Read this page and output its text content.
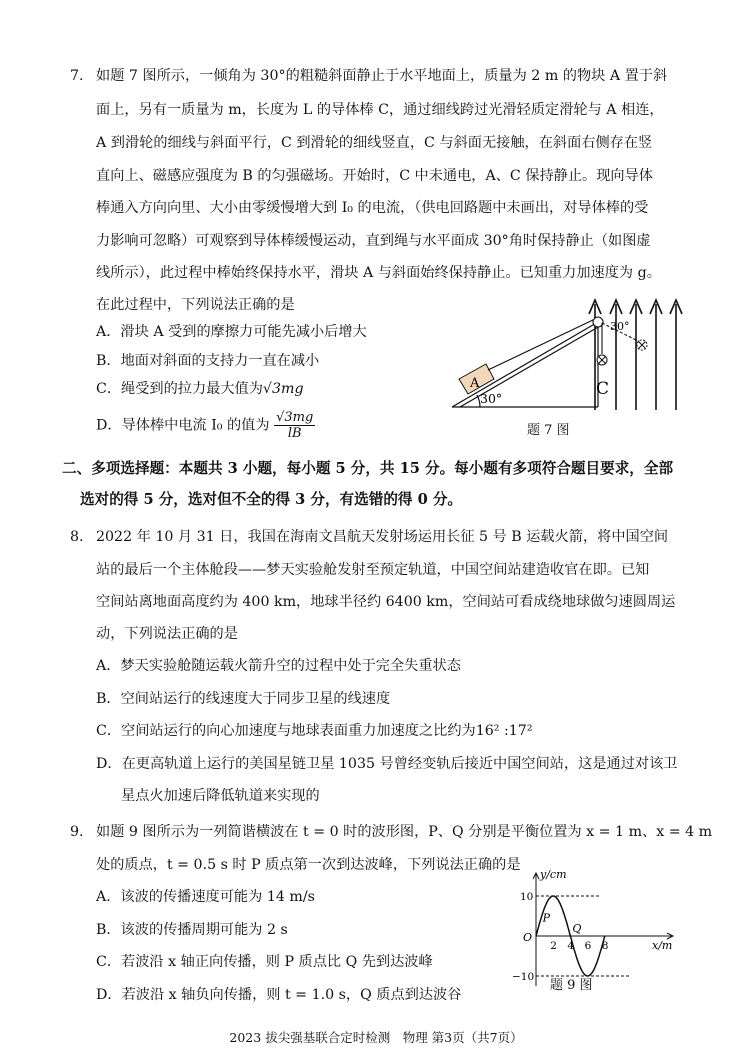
7. 如题 7 图所示，一倾角为 30°的粗糙斜面静止于水平地面上，质量为 2 m 的物块 A 置于斜
面上，另有一质量为 m，长度为 L 的导体棒 C，通过细线跨过光滑轻质定滑轮与 A 相连，
A 到滑轮的细线与斜面平行，C 到滑轮的细线竖直，C 与斜面无接触，在斜面右侧存在竖
直向上、磁感应强度为 B 的匀强磁场。开始时，C 中未通电，A、C 保持静止。现向导体
棒通入方向向里、大小由零缓慢增大到 I₀ 的电流，（供电回路题中未画出，对导体棒的受
力影响可忽略）可观察到导体棒缓慢运动，直到绳与水平面成 30°角时保持静止（如图虚
线所示），此过程中棒始终保持水平，滑块 A 与斜面始终保持静止。已知重力加速度为 g。
在此过程中，下列说法正确的是
A．滑块 A 受到的摩擦力可能先减小后增大
B．地面对斜面的支持力一直在减小
C．绳受到的拉力最大值为√3mg
D．导体棒中电流 I₀ 的值为 $\frac{√3mg}{lB}$
A	C
30°
30°
题 7 图
二、多项选择题：本题共 3 小题，每小题 5 分，共 15 分。每小题有多项符合题目要求，全部
选对的得 5 分，选对但不全的得 3 分，有选错的得 0 分。
8. 2022 年 10 月 31 日，我国在海南文昌航天发射场运用长征 5 号 B 运载火箭，将中国空间
站的最后一个主体舱段——梦天实验舱发射至预定轨道，中国空间站建造收官在即。已知
空间站离地面高度约为 400 km，地球半径约 6400 km，空间站可看成绕地球做匀速圆周运
动，下列说法正确的是
A．梦天实验舱随运载火箭升空的过程中处于完全失重状态
B．空间站运行的线速度大于同步卫星的线速度
C．空间站运行的向心加速度与地球表面重力加速度之比约为16² :17²
D．在更高轨道上运行的美国星链卫星 1035 号曾经变轨后接近中国空间站，这是通过对该卫
星点火加速后降低轨道来实现的
9. 如题 9 图所示为一列简谐横波在 t = 0 时的波形图，P、Q 分别是平衡位置为 x = 1 m、x = 4 m
处的质点，t = 0.5 s 时 P 质点第一次到达波峰，下列说法正确的是
A．该波的传播速度可能为 14 m/s
B．该波的传播周期可能为 2 s
C．若波沿 x 轴正向传播，则 P 质点比 Q 先到达波峰
D．若波沿 x 轴负向传播，则 t = 1.0 s，Q 质点到达波谷
y/cm
x/m
O
10
−10
2 4 6 8
P
Q
题 9 图
2023 拔尖强基联合定时检测　物理 第3页（共7页）
